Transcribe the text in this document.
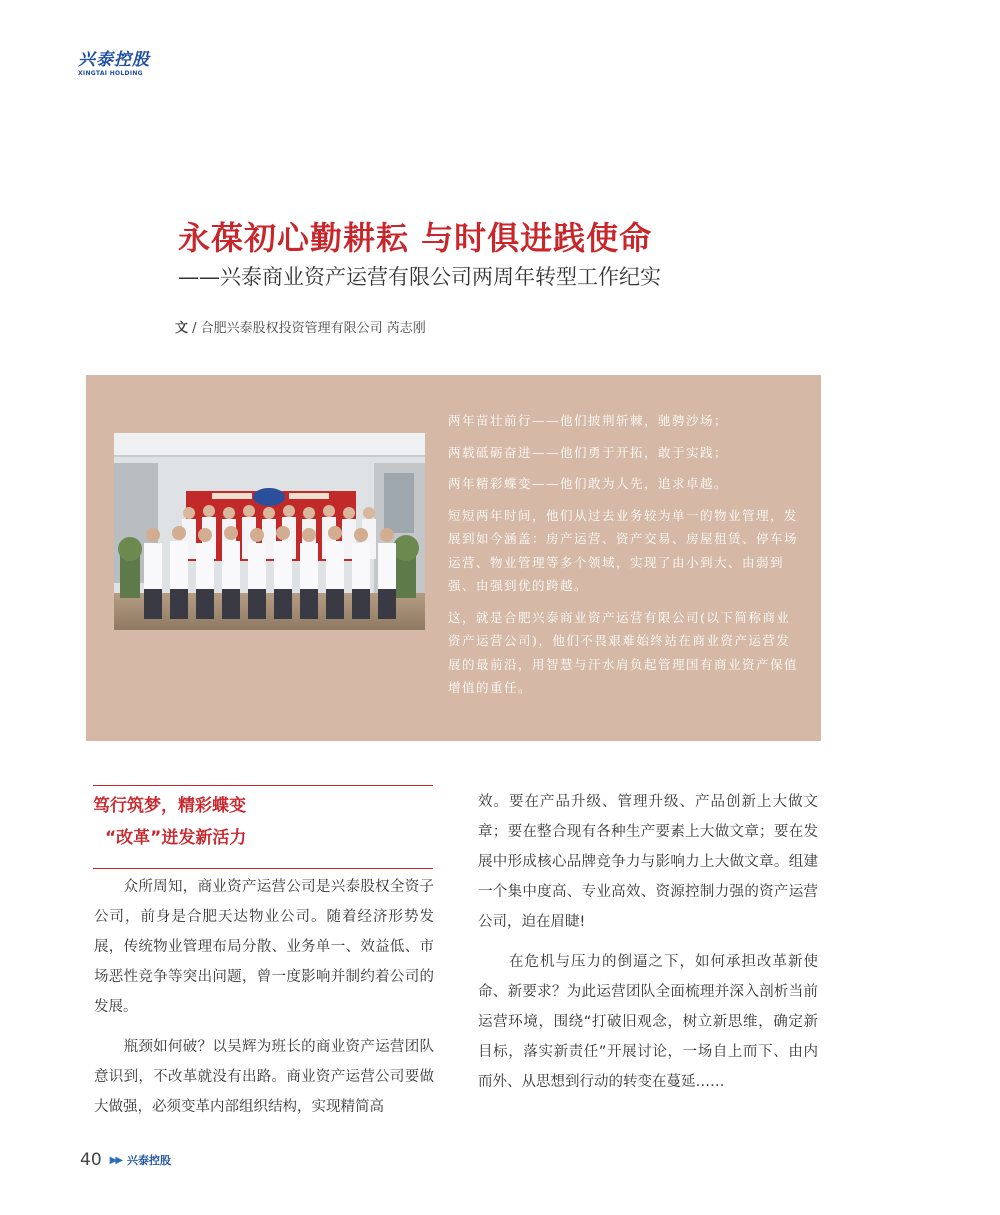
兴泰控股
XINGTAI HOLDING
永葆初心勤耕耘 与时俱进践使命
——兴泰商业资产运营有限公司两周年转型工作纪实
文 / 合肥兴泰股权投资管理有限公司 芮志刚

两年苗壮前行——他们披荆斩棘，驰骋沙场；

两载砥砺奋进——他们勇于开拓，敢于实践；

两年精彩蝶变——他们敢为人先，追求卓越。

短短两年时间，他们从过去业务较为单一的物业管理，发展到如今涵盖：房产运营、资产交易、房屋租赁、停车场运营、物业管理等多个领域，实现了由小到大、由弱到强、由强到优的跨越。

这，就是合肥兴泰商业资产运营有限公司(以下简称商业资产运营公司)，他们不畏艰难始终站在商业资产运营发展的最前沿，用智慧与汗水肩负起管理国有商业资产保值增值的重任。

笃行筑梦，精彩蝶变
“改革”迸发新活力

　　众所周知，商业资产运营公司是兴泰股权全资子公司，前身是合肥天达物业公司。随着经济形势发展，传统物业管理布局分散、业务单一、效益低、市场恶性竞争等突出问题，曾一度影响并制约着公司的发展。

　　瓶颈如何破？以吴辉为班长的商业资产运营团队意识到，不改革就没有出路。商业资产运营公司要做大做强，必须变革内部组织结构，实现精简高

效。要在产品升级、管理升级、产品创新上大做文章；要在整合现有各种生产要素上大做文章；要在发展中形成核心品牌竞争力与影响力上大做文章。组建一个集中度高、专业高效、资源控制力强的资产运营公司，迫在眉睫!

　　在危机与压力的倒逼之下，如何承担改革新使命、新要求？为此运营团队全面梳理并深入剖析当前运营环境，围绕“打破旧观念，树立新思维，确定新目标，落实新责任”开展讨论，一场自上而下、由内而外、从思想到行动的转变在蔓延……

40 ▶▶ 兴泰控股
